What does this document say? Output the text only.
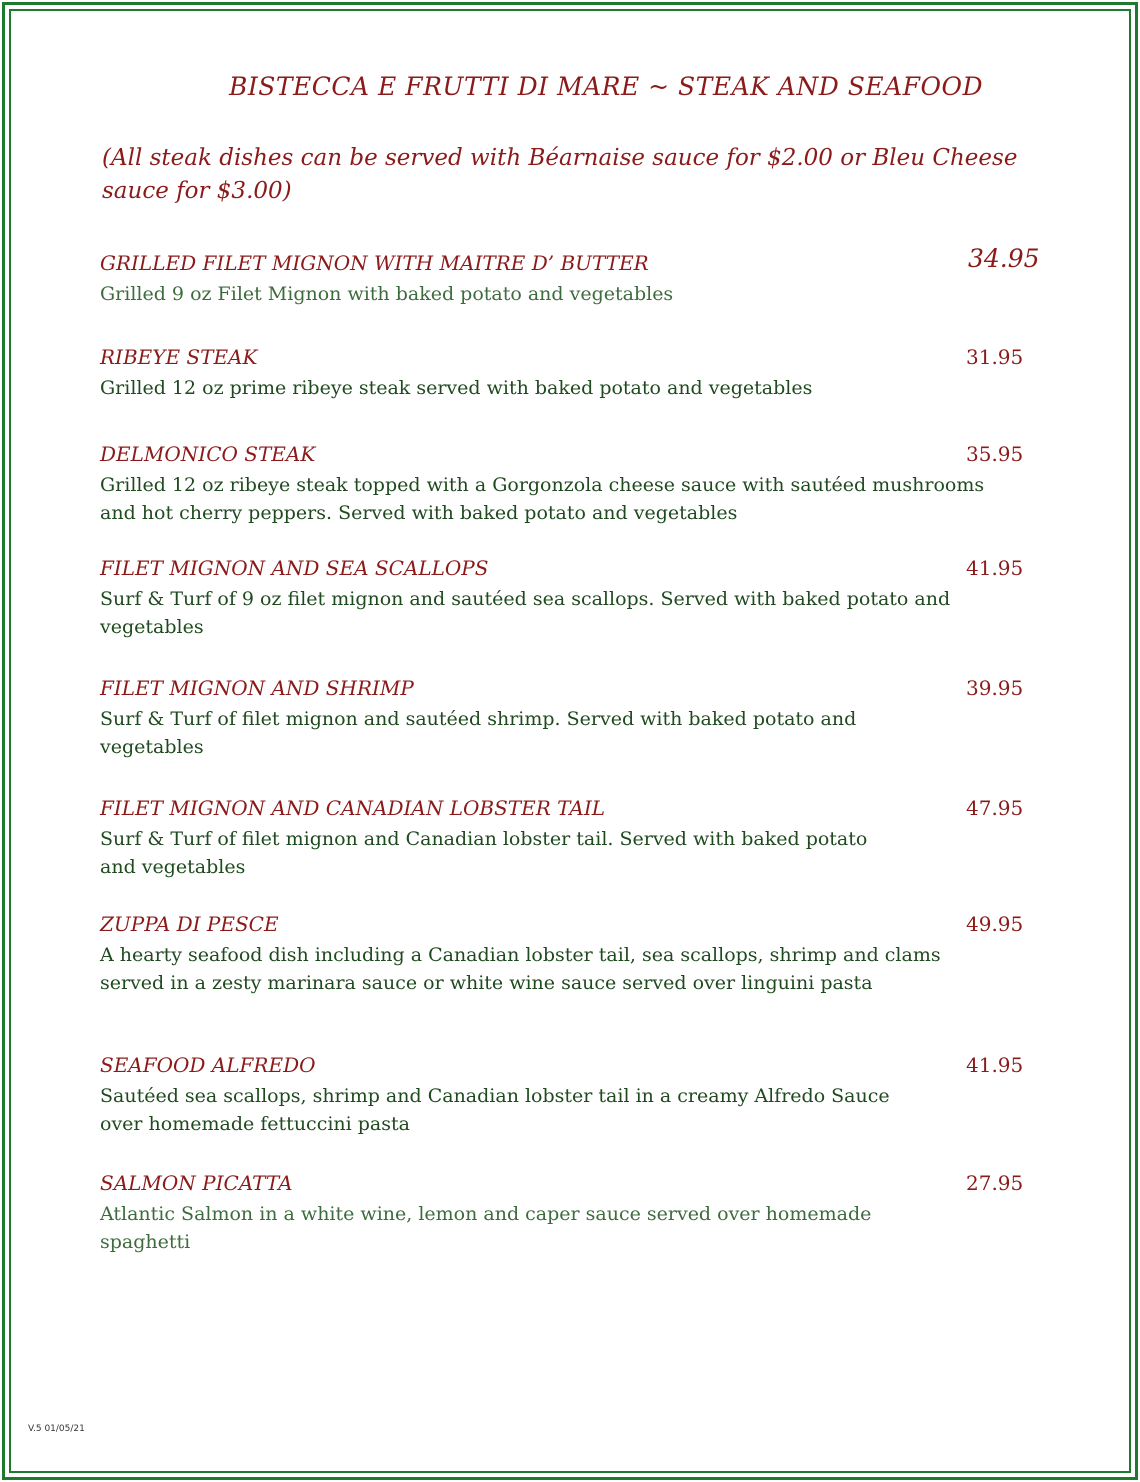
BISTECCA E FRUTTI DI MARE ~ STEAK AND SEAFOOD
(All steak dishes can be served with Béarnaise sauce for $2.00 or Bleu Cheese sauce for $3.00)
GRILLED FILET MIGNON WITH MAITRE D’ BUTTER	34.95
Grilled 9 oz Filet Mignon with baked potato and vegetables
RIBEYE STEAK	31.95
Grilled 12 oz prime ribeye steak served with baked potato and vegetables
DELMONICO STEAK	35.95
Grilled 12 oz ribeye steak topped with a Gorgonzola cheese sauce with sautéed mushrooms and hot cherry peppers. Served with baked potato and vegetables
FILET MIGNON AND SEA SCALLOPS	41.95
Surf & Turf of 9 oz filet mignon and sautéed sea scallops. Served with baked potato and vegetables
FILET MIGNON AND SHRIMP	39.95
Surf & Turf of filet mignon and sautéed shrimp. Served with baked potato and vegetables
FILET MIGNON AND CANADIAN LOBSTER TAIL	47.95
Surf & Turf of filet mignon and Canadian lobster tail. Served with baked potato and vegetables
ZUPPA DI PESCE	49.95
A hearty seafood dish including a Canadian lobster tail, sea scallops, shrimp and clams served in a zesty marinara sauce or white wine sauce served over linguini pasta
SEAFOOD ALFREDO	41.95
Sautéed sea scallops, shrimp and Canadian lobster tail in a creamy Alfredo Sauce over homemade fettuccini pasta
SALMON PICATTA	27.95
Atlantic Salmon in a white wine, lemon and caper sauce served over homemade spaghetti
V.5 01/05/21
